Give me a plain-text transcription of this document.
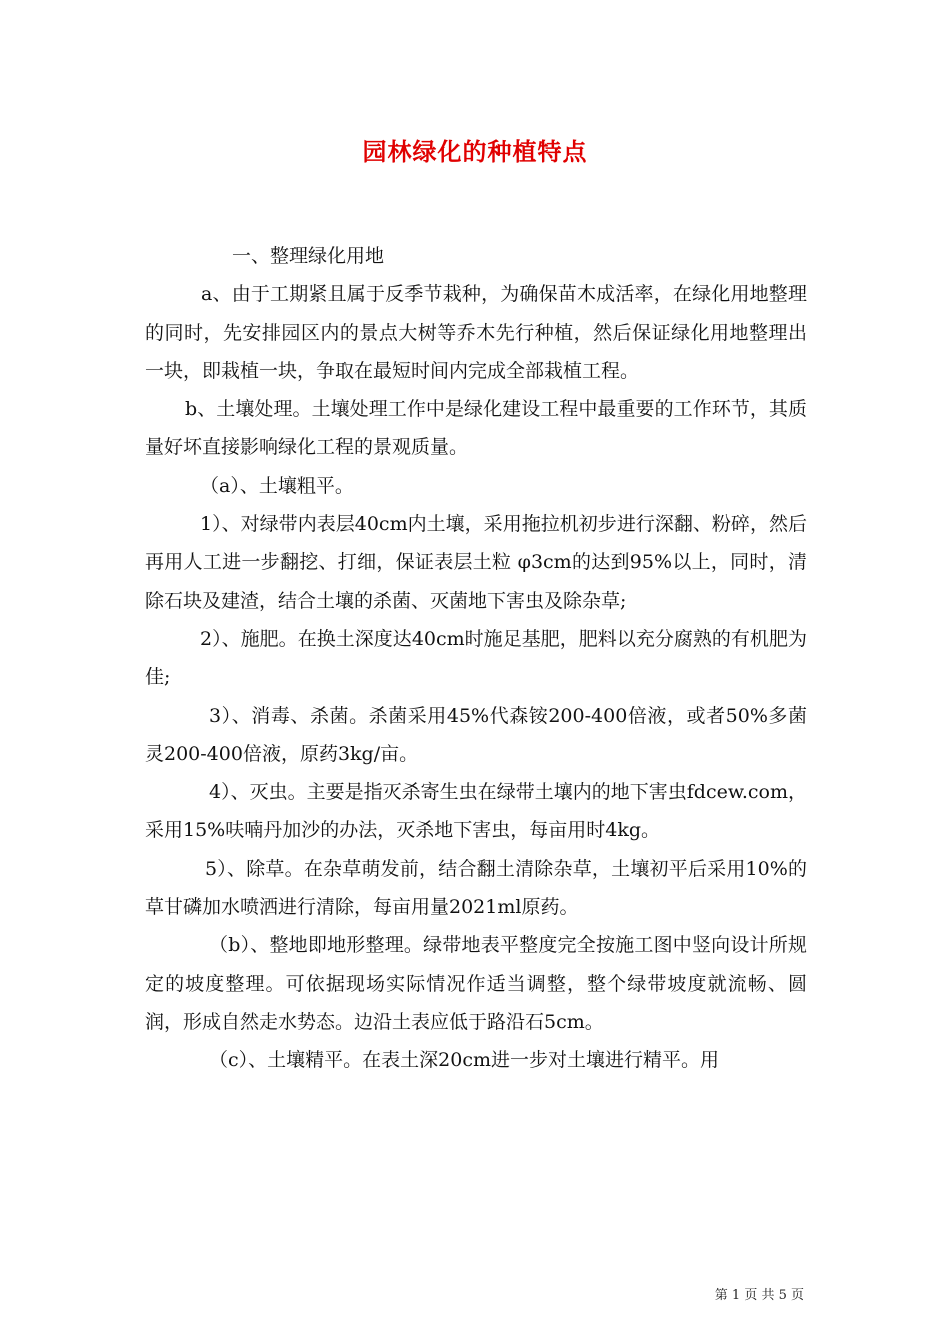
园林绿化的种植特点

一、整理绿化用地

a、由于工期紧且属于反季节栽种，为确保苗木成活率，在绿化用地整理的同时，先安排园区内的景点大树等乔木先行种植，然后保证绿化用地整理出一块，即栽植一块，争取在最短时间内完成全部栽植工程。

b、土壤处理。土壤处理工作中是绿化建设工程中最重要的工作环节，其质量好坏直接影响绿化工程的景观质量。

（a）、土壤粗平。

1）、对绿带内表层40cm内土壤，采用拖拉机初步进行深翻、粉碎，然后再用人工进一步翻挖、打细，保证表层土粒 φ3cm的达到95%以上，同时，清除石块及建渣，结合土壤的杀菌、灭菌地下害虫及除杂草;

2）、施肥。在换土深度达40cm时施足基肥，肥料以充分腐熟的有机肥为佳;

3）、消毒、杀菌。杀菌采用45%代森铵200-400倍液，或者50%多菌灵200-400倍液，原药3kg/亩。

4）、灭虫。主要是指灭杀寄生虫在绿带土壤内的地下害虫fdcew.com，采用15%呋喃丹加沙的办法，灭杀地下害虫，每亩用时4kg。

5）、除草。在杂草萌发前，结合翻土清除杂草，土壤初平后采用10%的草甘磷加水喷洒进行清除，每亩用量2021ml原药。

（b）、整地即地形整理。绿带地表平整度完全按施工图中竖向设计所规定的坡度整理。可依据现场实际情况作适当调整，整个绿带坡度就流畅、圆润，形成自然走水势态。边沿土表应低于路沿石5cm。

（c）、土壤精平。在表土深20cm进一步对土壤进行精平。用

第 1 页 共 5 页
